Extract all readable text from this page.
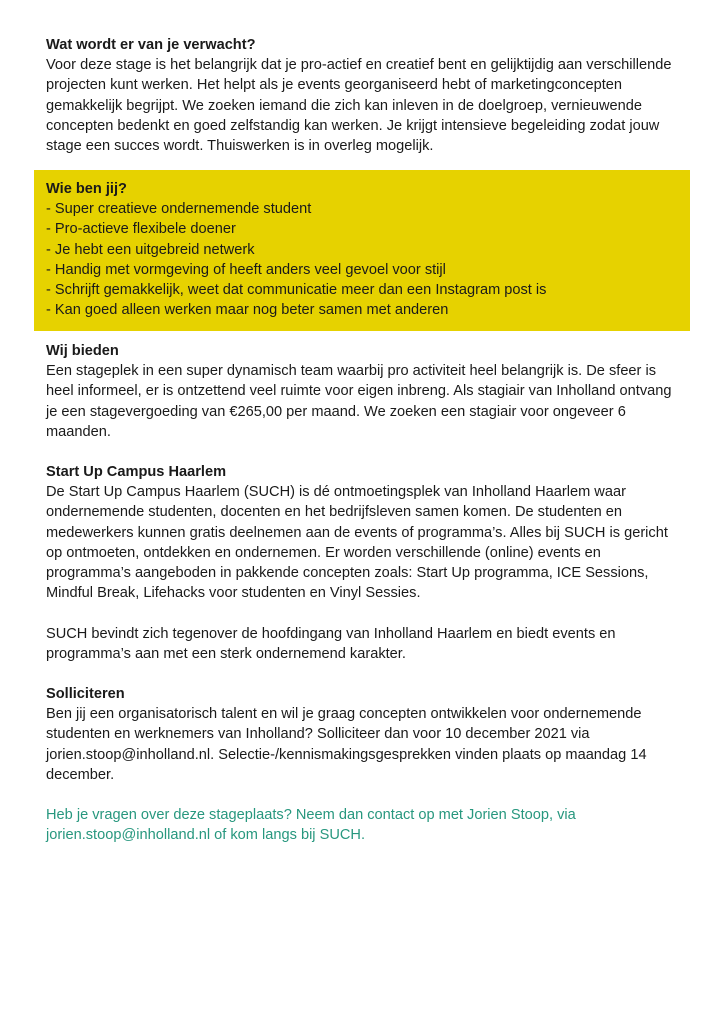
Wat wordt er van je verwacht?

Voor deze stage is het belangrijk dat je pro-actief en creatief bent en gelijktijdig aan verschillende projecten kunt werken. Het helpt als je events georganiseerd hebt of marketingconcepten gemakkelijk begrijpt. We zoeken iemand die zich kan inleven in de doelgroep, vernieuwende concepten bedenkt en goed zelfstandig kan werken. Je krijgt intensieve begeleiding zodat jouw stage een succes wordt. Thuiswerken is in overleg mogelijk.

Wie ben jij?
- Super creatieve ondernemende student
- Pro-actieve flexibele doener
- Je hebt een uitgebreid netwerk
- Handig met vormgeving of heeft anders veel gevoel voor stijl
- Schrijft gemakkelijk, weet dat communicatie meer dan een Instagram post is
- Kan goed alleen werken maar nog beter samen met anderen
Wij bieden

Een stageplek in een super dynamisch team waarbij pro activiteit heel belangrijk is. De sfeer is heel informeel, er is ontzettend veel ruimte voor eigen inbreng. Als stagiair van Inholland ontvang je een stagevergoeding van €265,00 per maand. We zoeken een stagiair voor ongeveer 6 maanden.

Start Up Campus Haarlem

De Start Up Campus Haarlem (SUCH) is dé ontmoetingsplek van Inholland Haarlem waar ondernemende studenten, docenten en het bedrijfsleven samen komen. De studenten en medewerkers kunnen gratis deelnemen aan de events of programma’s. Alles bij SUCH is gericht op ontmoeten, ontdekken en ondernemen. Er worden verschillende (online) events en programma’s aangeboden in pakkende concepten zoals: Start Up programma, ICE Sessions, Mindful Break, Lifehacks voor studenten en Vinyl Sessies.

SUCH bevindt zich tegenover de hoofdingang van Inholland Haarlem en biedt events en programma’s aan met een sterk ondernemend karakter.

Solliciteren

Ben jij een organisatorisch talent en wil je graag concepten ontwikkelen voor ondernemende studenten en werknemers van Inholland? Solliciteer dan voor 10 december 2021 via jorien.stoop@inholland.nl. Selectie-/kennismakingsgesprekken vinden plaats op maandag 14 december.

Heb je vragen over deze stageplaats? Neem dan contact op met Jorien Stoop, via jorien.stoop@inholland.nl of kom langs bij SUCH.
